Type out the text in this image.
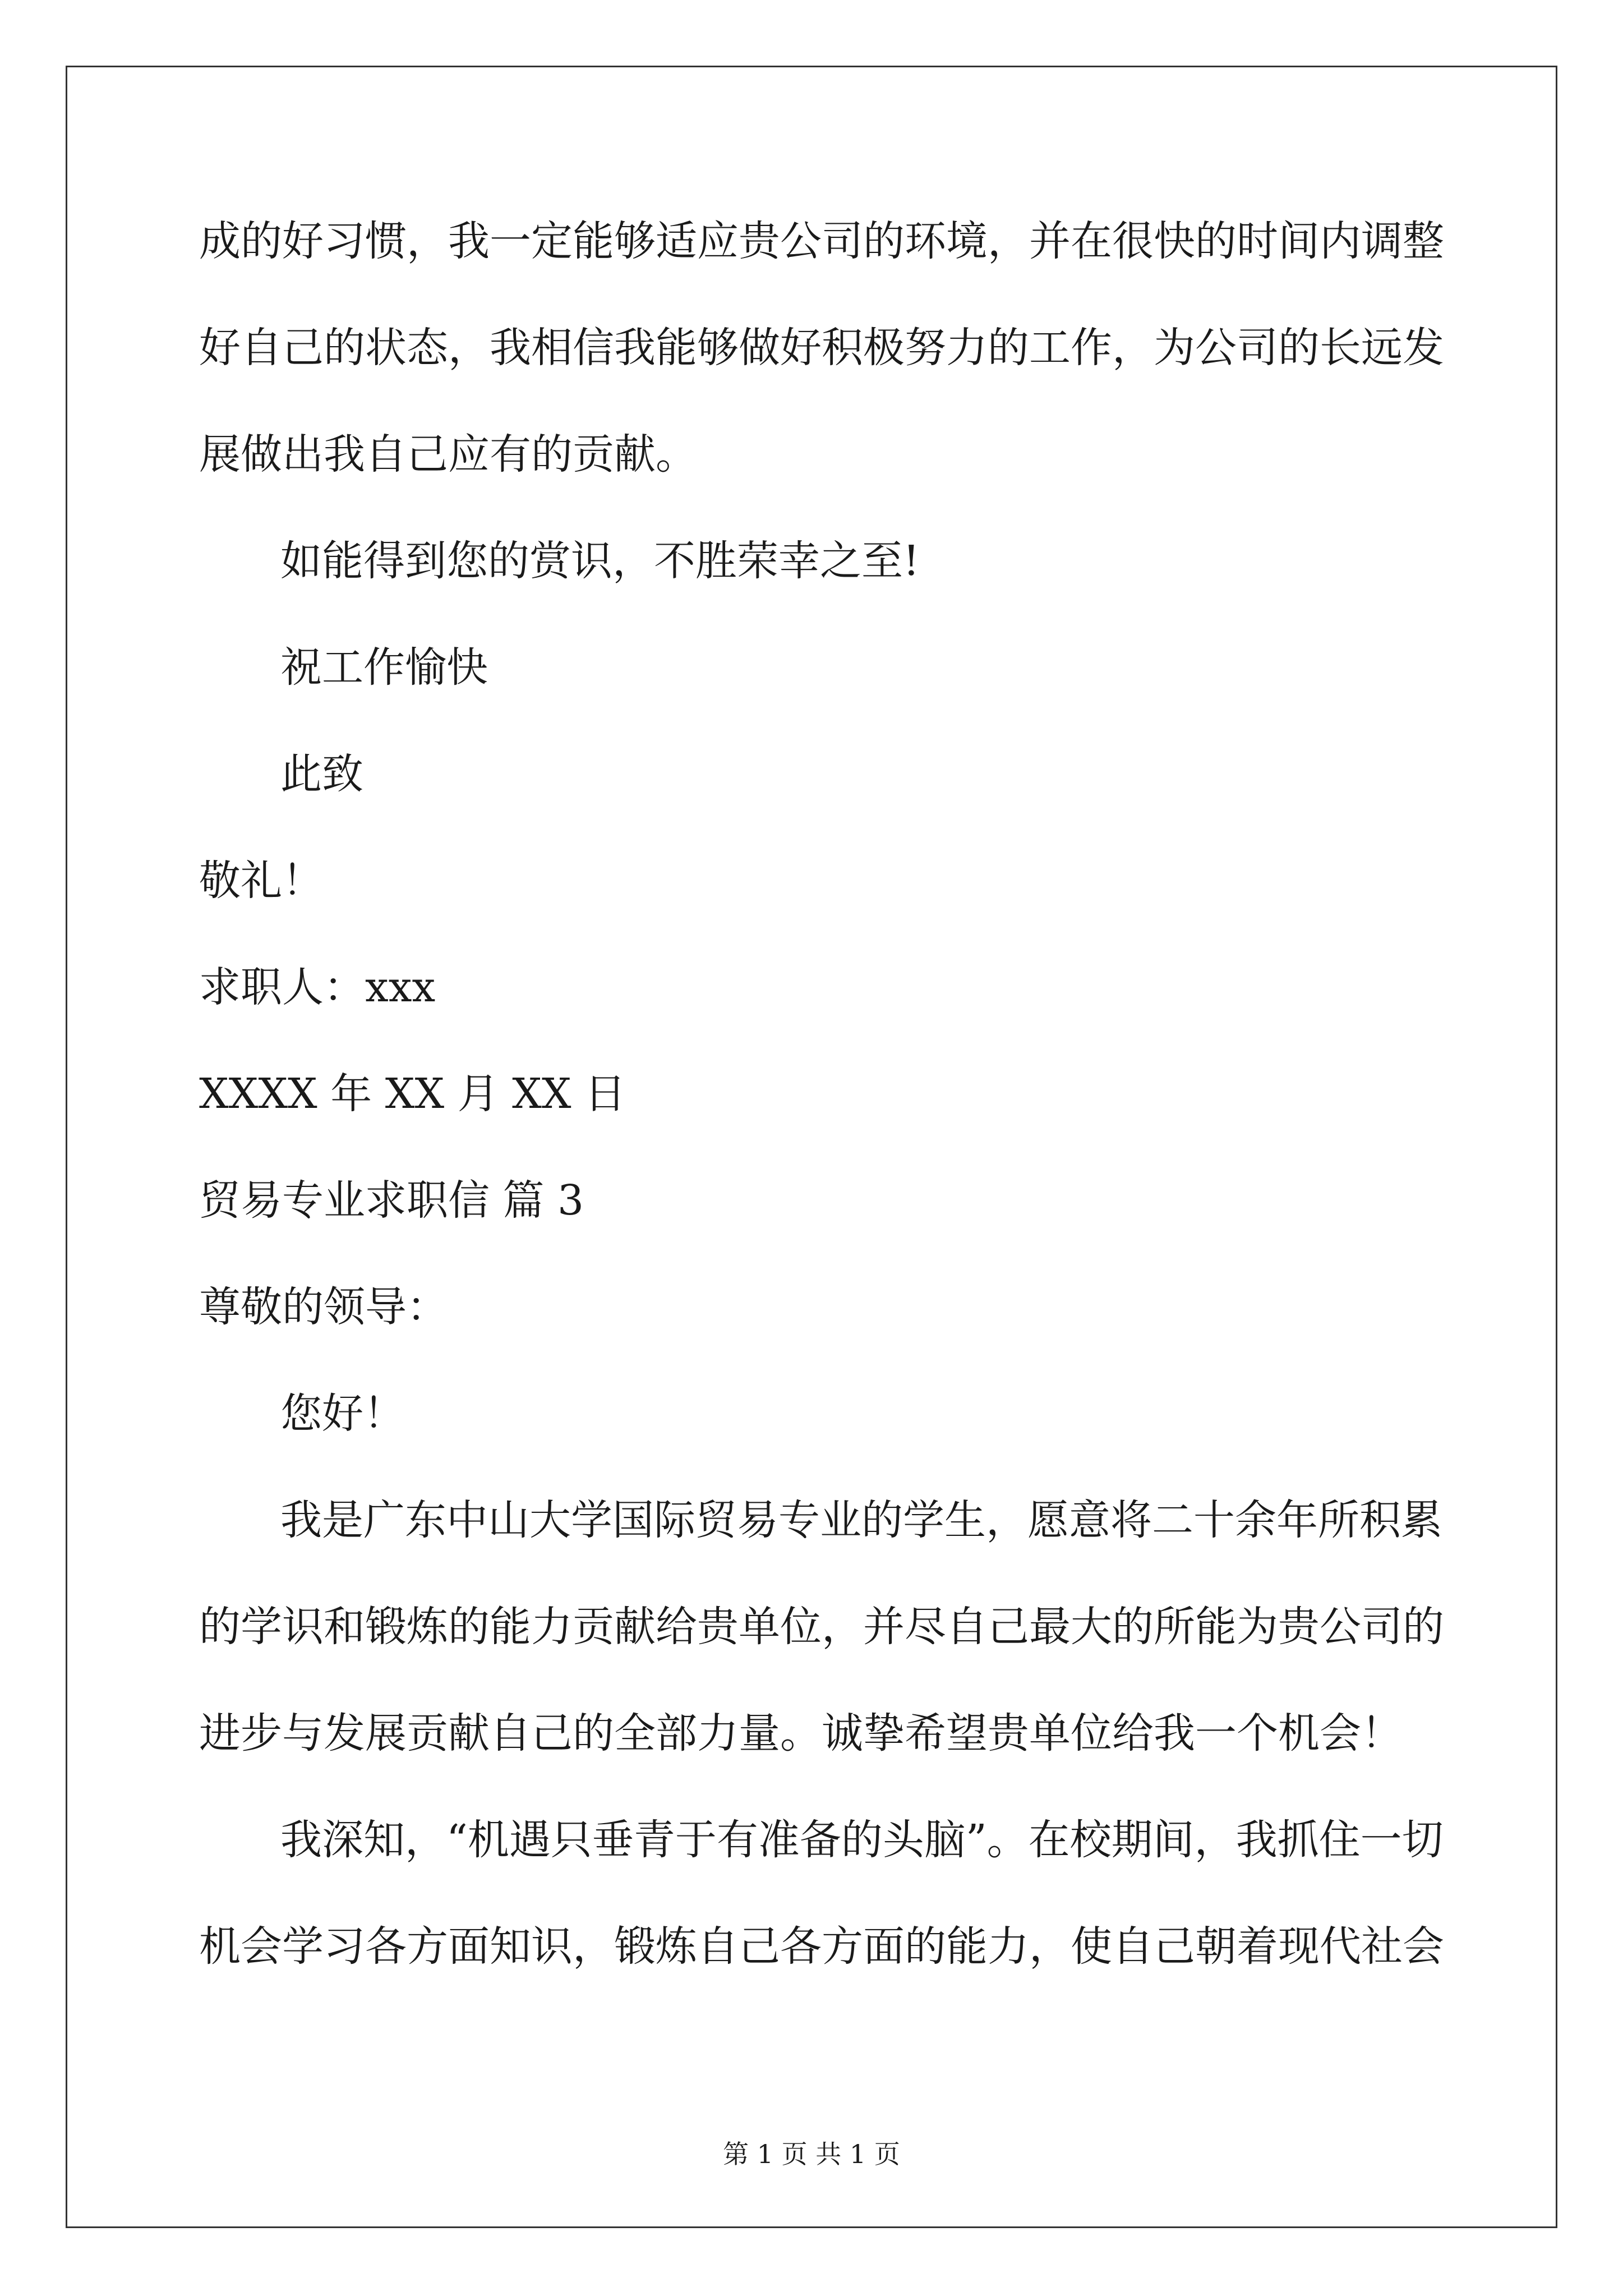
成的好习惯，我一定能够适应贵公司的环境，并在很快的时间内调整
好自己的状态，我相信我能够做好积极努力的工作，为公司的长远发
展做出我自己应有的贡献。
如能得到您的赏识，不胜荣幸之至!
祝工作愉快
此致
敬礼！
求职人：xxx
XXXX 年 XX 月 XX 日
贸易专业求职信 篇 3
尊敬的领导：
您好！
我是广东中山大学国际贸易专业的学生，愿意将二十余年所积累
的学识和锻炼的能力贡献给贵单位，并尽自己最大的所能为贵公司的
进步与发展贡献自己的全部力量。诚挚希望贵单位给我一个机会！
我深知，“机遇只垂青于有准备的头脑”。在校期间，我抓住一切
机会学习各方面知识，锻炼自己各方面的能力，使自己朝着现代社会
第 1 页 共 1 页
